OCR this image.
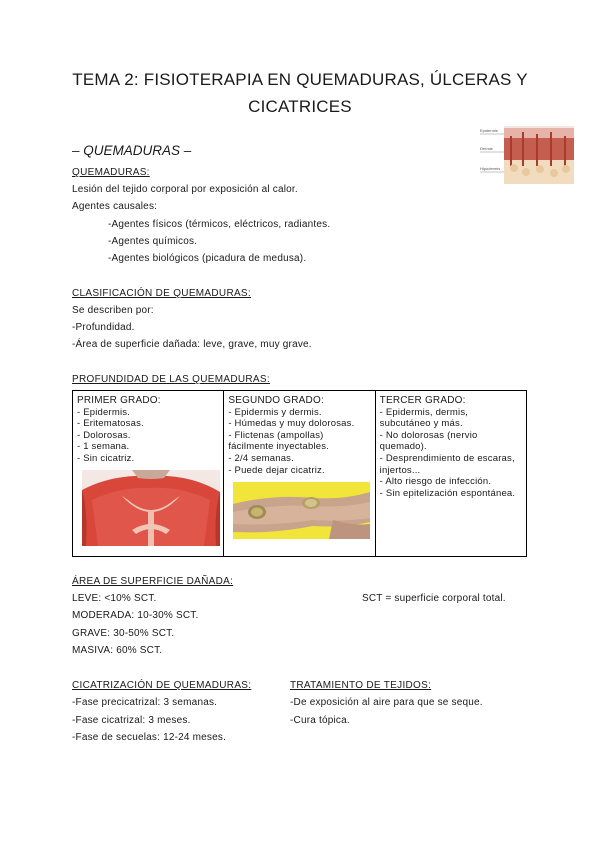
TEMA 2: FISIOTERAPIA EN QUEMADURAS, ÚLCERAS Y
CICATRICES
– QUEMADURAS –
Epidermis
Dermis
Hipodermis
QUEMADURAS:
Lesión del tejido corporal por exposición al calor.
Agentes causales:
-Agentes físicos (térmicos, eléctricos, radiantes.
-Agentes químicos.
-Agentes biológicos (picadura de medusa).
CLASIFICACIÓN DE QUEMADURAS:
Se describen por:
-Profundidad.
-Área de superficie dañada: leve, grave, muy grave.
PROFUNDIDAD DE LAS QUEMADURAS:
PRIMER GRADO:
- Epidermis.
- Eritematosas.
- Dolorosas.
- 1 semana.
- Sin cicatriz.

SEGUNDO GRADO:
- Epidermis y dermis.
- Húmedas y muy dolorosas.
- Flictenas (ampollas)
fácilmente inyectables.
- 2/4 semanas.
- Puede dejar cicatriz.

TERCER GRADO:
- Epidermis, dermis,
subcutáneo y más.
- No dolorosas (nervio
quemado).
- Desprendimiento de escaras,
injertos...
- Alto riesgo de infección.
- Sin epitelización espontánea.
ÁREA DE SUPERFICIE DAÑADA:
LEVE: <10% SCT.
MODERADA: 10-30% SCT.
GRAVE: 30-50% SCT.
MASIVA: 60% SCT.
SCT = superficie corporal total.
CICATRIZACIÓN DE QUEMADURAS:
-Fase precicatrizal: 3 semanas.
-Fase cicatrizal: 3 meses.
-Fase de secuelas: 12-24 meses.
TRATAMIENTO DE TEJIDOS:
-De exposición al aire para que se seque.
-Cura tópica.
